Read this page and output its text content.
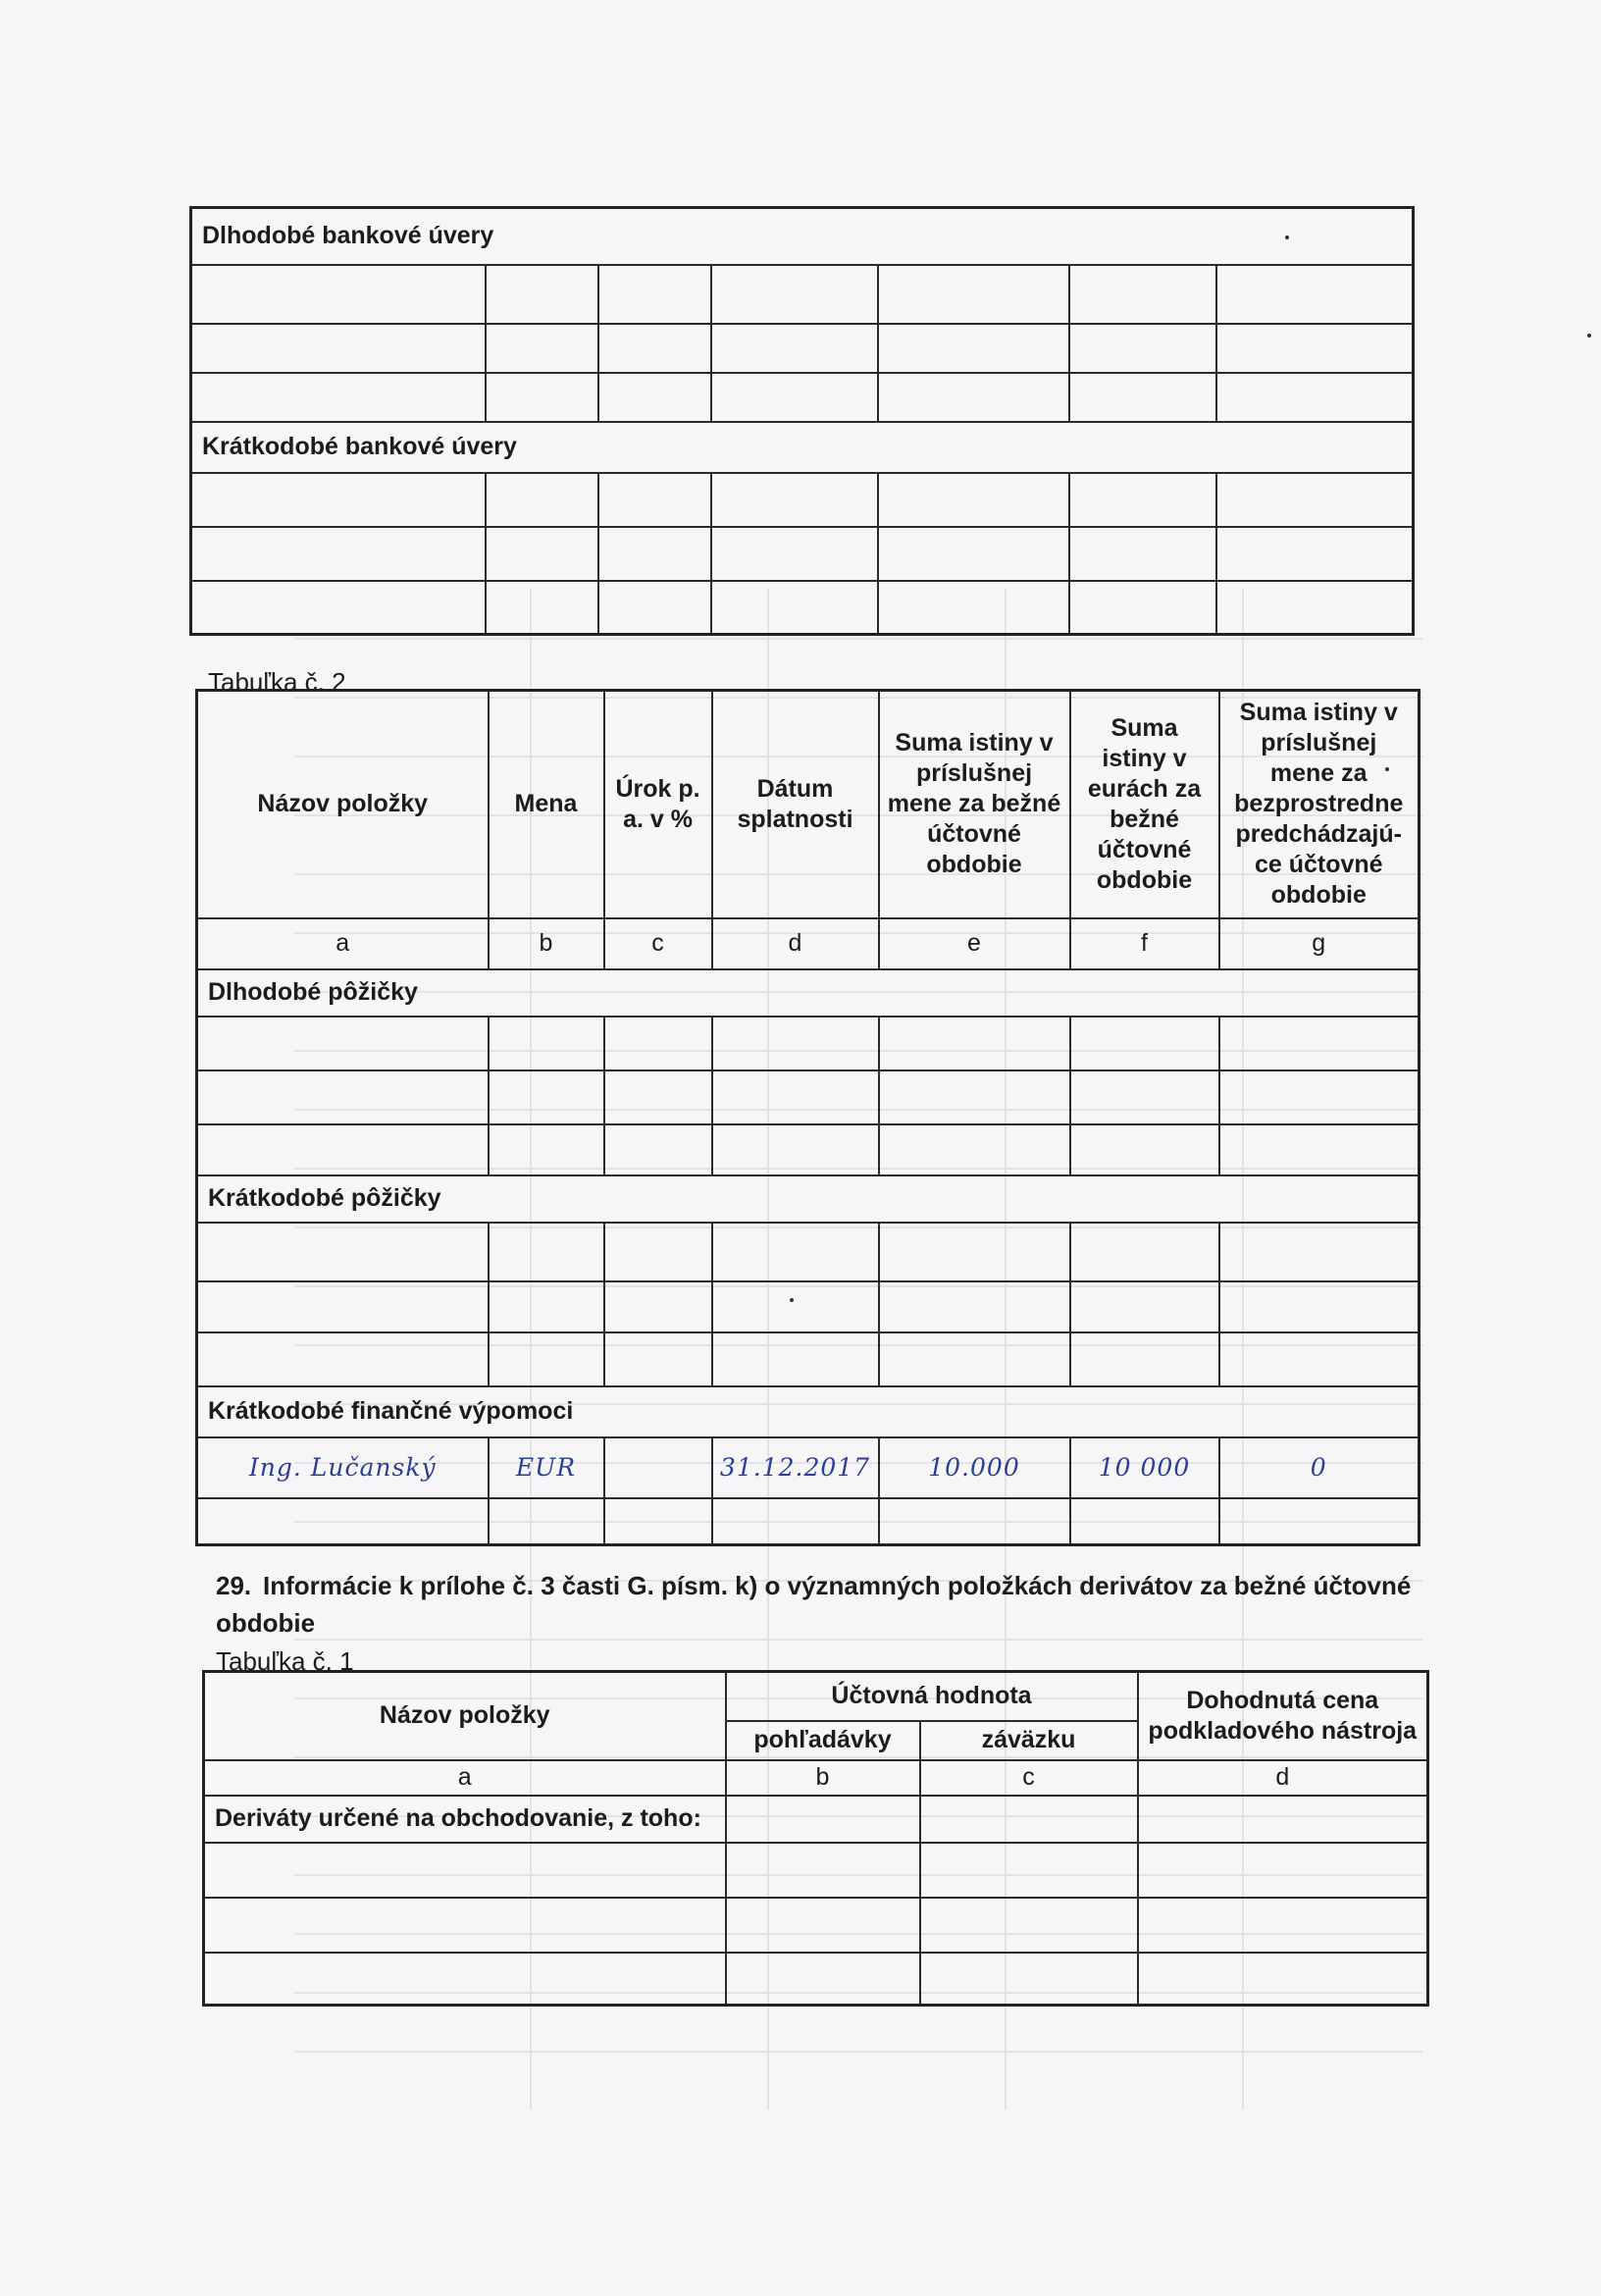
Dlhodobé bankové úvery						

Krátkodobé bankové úvery						

Tabuľka č. 2
Názov položky	Mena	Úrok p. a. v %	Dátum splatnosti	Suma istiny v príslušnej mene za bežné účtovné obdobie	Suma istiny v eurách za bežné účtovné obdobie	Suma istiny v príslušnej mene za bezprostredne predchádzajú- ce účtovné obdobie
a	b	c	d	e	f	g
Dlhodobé pôžičky						

Krátkodobé pôžičky						

Krátkodobé finančné výpomoci						
Ing. Lučanský	EUR		31.12.2017	10.000	10 000	0

29. Informácie k prílohe č. 3 časti G. písm. k) o významných položkách derivátov za bežné účtovné obdobie
Tabuľka č. 1
Názov položky	Účtovná hodnota		Dohodnutá cena podkladového nástroja
	pohľadávky	záväzku	
a	b	c	d
Deriváty určené na obchodovanie, z toho:			
